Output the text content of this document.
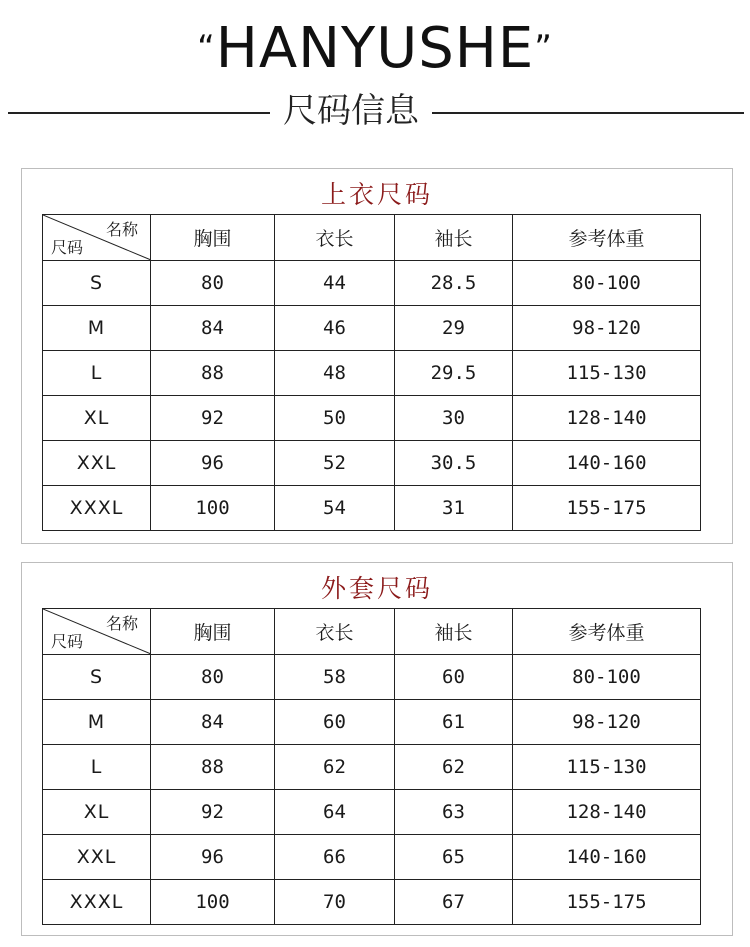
“HANYUSHE”
尺码信息
上衣尺码
名称
尺码	胸围	衣长	袖长	参考体重
S	80	44	28.5	80-100
M	84	46	29	98-120
L	88	48	29.5	115-130
XL	92	50	30	128-140
XXL	96	52	30.5	140-160
XXXL	100	54	31	155-175
外套尺码
名称
尺码	胸围	衣长	袖长	参考体重
S	80	58	60	80-100
M	84	60	61	98-120
L	88	62	62	115-130
XL	92	64	63	128-140
XXL	96	66	65	140-160
XXXL	100	70	67	155-175
